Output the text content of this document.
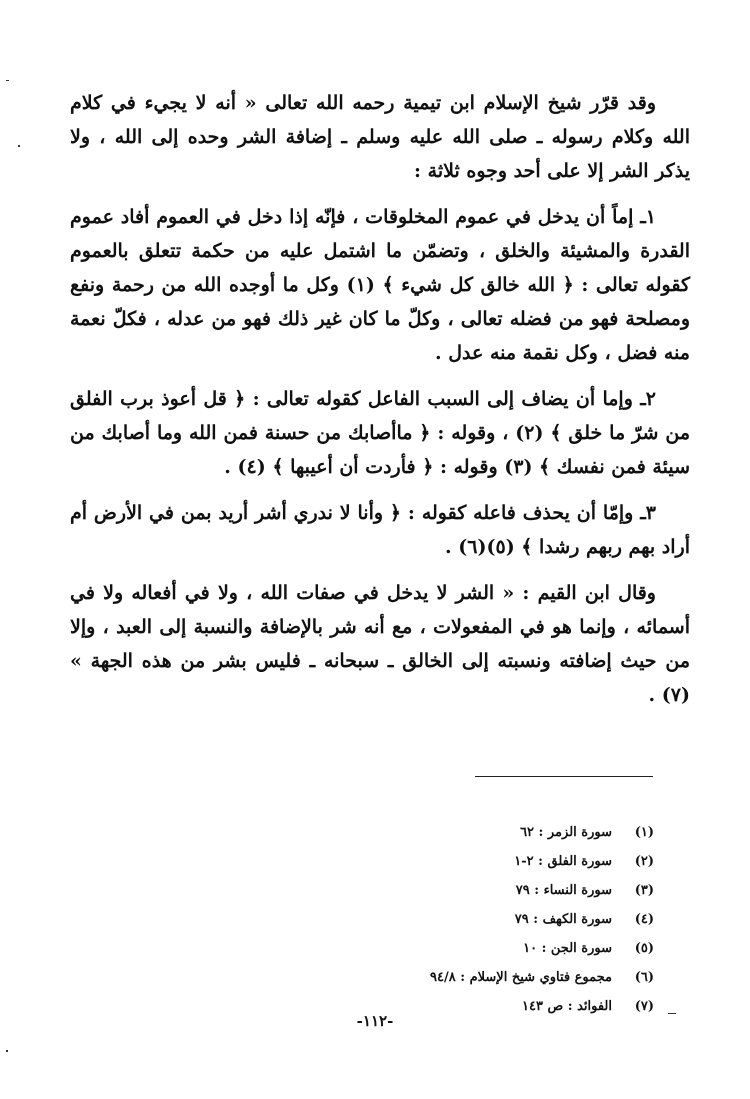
وقد قرّر شيخ الإسلام ابن تيمية رحمه الله تعالى « أنه لا يجيء في كلام الله وكلام رسوله ـ صلى الله عليه وسلم ـ إضافة الشر وحده إلى الله ، ولا يذكر الشر إلا على أحد وجوه ثلاثة :

١ـ إماً أن يدخل في عموم المخلوقات ، فإنّه إذا دخل في العموم أفاد عموم القدرة والمشيئة والخلق ، وتضمّن ما اشتمل عليه من حكمة تتعلق بالعموم كقوله تعالى : ﴿ الله خالق كل شيء ﴾ (١) وكل ما أوجده الله من رحمة ونفع ومصلحة فهو من فضله تعالى ، وكلّ ما كان غير ذلك فهو من عدله ، فكلّ نعمة منه فضل ، وكل نقمة منه عدل .

٢ـ وإما أن يضاف إلى السبب الفاعل كقوله تعالى : ﴿ قل أعوذ برب الفلق من شرّ ما خلق ﴾ (٢) ، وقوله : ﴿ ماأصابك من حسنة فمن الله وما أصابك من سيئة فمن نفسك ﴾ (٣) وقوله : ﴿ فأردت أن أعيبها ﴾ (٤) .

٣ـ وإمّا أن يحذف فاعله كقوله : ﴿ وأنا لا ندري أشر أريد بمن في الأرض أم أراد بهم ربهم رشدا ﴾ (٥)(٦) .

وقال ابن القيم : « الشر لا يدخل في صفات الله ، ولا في أفعاله ولا في أسمائه ، وإنما هو في المفعولات ، مع أنه شر بالإضافة والنسبة إلى العبد ، وإلا من حيث إضافته ونسبته إلى الخالق ـ سبحانه ـ فليس بشر من هذه الجهة » (٧) .

(١)
سورة الزمر : ٦٢
(٢)
سورة الفلق : ٢-١
(٣)
سورة النساء : ٧٩
(٤)
سورة الكهف : ٧٩
(٥)
سورة الجن : ١٠
(٦)
مجموع فتاوي شيخ الإسلام : ٩٤/٨
(٧)
الفوائد : ص ١٤٣
-١١٢-
